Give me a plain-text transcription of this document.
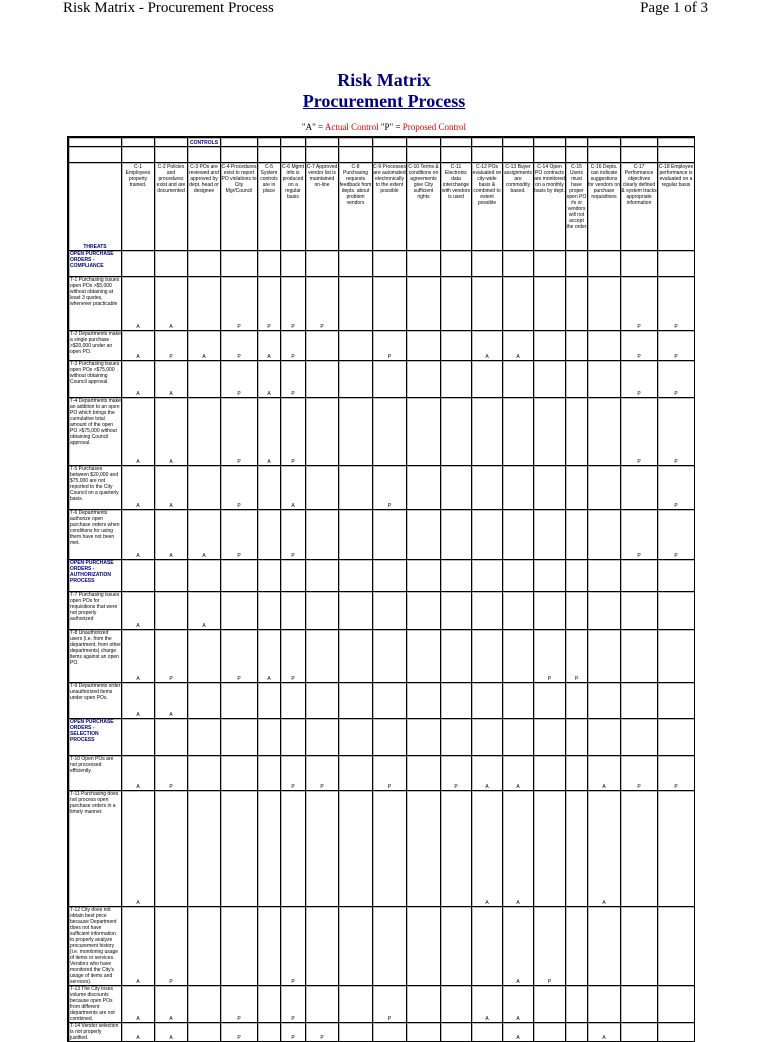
Risk Matrix - Procurement Process	Page 1 of 3
Risk Matrix
Procurement Process
"A" = Actual Control "P" = Proposed Control
			CONTROLS															

THREATS	C-1 Employees property trained.	C-2 Policies and procedures exist and are documented	C-3 POs are reviewed and approved by dept. head or designee	C-4 Procedures exist to report PO violations to City Mgr/Council	C-5 System controls are in place	C-6 Mgmt info is produced on a regular basis	C-7 Approved vendor list is maintained on-line	C-8 Purchasing requests feedback from depts. about problem vendors	C-9 Processes are automated electronically to the extent possible	C-10 Terms & conditions on agreements give City sufficient rights	C-11 Electronic data interchange with vendors is used	C-12 POs evaluated on city-wide basis & combined to extent possible	C-13 Buyer assignments are commodity based.	C-14 Open PO contracts are monitored on a monthly basis by dept.	C-15 Users must have proper open PO #s or vendors will not accept the order	C-16 Depts. can indicate suggestions for vendors on purchase requisitions	C-17 Performance objectives clearly defined & system tracks appropriate information	C-18 Employee performance is evaluated on a regular basis
OPEN PURCHASE ORDERS - COMPLIANCE																		
T-1 Purchasing issues open POs >$5,000 without obtaining at least 3 quotes, whenever practicable	A	A		P	P	P	P										P	P
T-2 Departments make a single purchase >$20,000 under an open PO.	A	P	A	P	A	P			P			A	A				P	P
T-3 Purchasing issues open POs >$75,000 without obtaining Council approval.	A	A		P	A	P											P	P
T-4 Departments make an addition to an open PO which brings the cumulative total amount of the open PO >$75,000 without obtaining Council approval.	A	A		P	A	P											P	P
T-5 Purchases between $20,000 and $75,000 are not reported to the City Council on a quarterly basis.	A	A		P		A			P									P
T-6 Departments authorize open purchase orders when conditions for using them have not been met.	A	A	A	P		P											P	P
OPEN PURCHASE ORDERS - AUTHORIZATION PROCESS																		
T-7 Purchasing issues open POs for requisitions that were not properly authorized	A		A															
T-8 Unauthorized users (i.e. from the department, from other departments) charge items against an open PO.	A	P		P	A	P								P	P			
T-9 Departments order unauthorized items under open POs.	A	A																
OPEN PURCHASE ORDERS - SELECTION PROCESS																		
T-10 Open POs are not processed efficiently.	A	P				P	P		P		P	A	A			A	P	P
T-11 Purchasing does not process open purchase orders in a timely manner.	A											A	A			A		
T-12 City does not obtain best price because Department does not have sufficient information to properly analyze procurement history (i.e. monitoring usage of items or services. Vendors who have monitored the City's usage of items and services).	A	P				P							A	P				
T-13 The City loses volume discounts because open POs from different departments are not combined.	A	A		P		P			P			A	A					
T-14 Vendor selection is not properly justified.	A	A		P		P	P						A			A		
